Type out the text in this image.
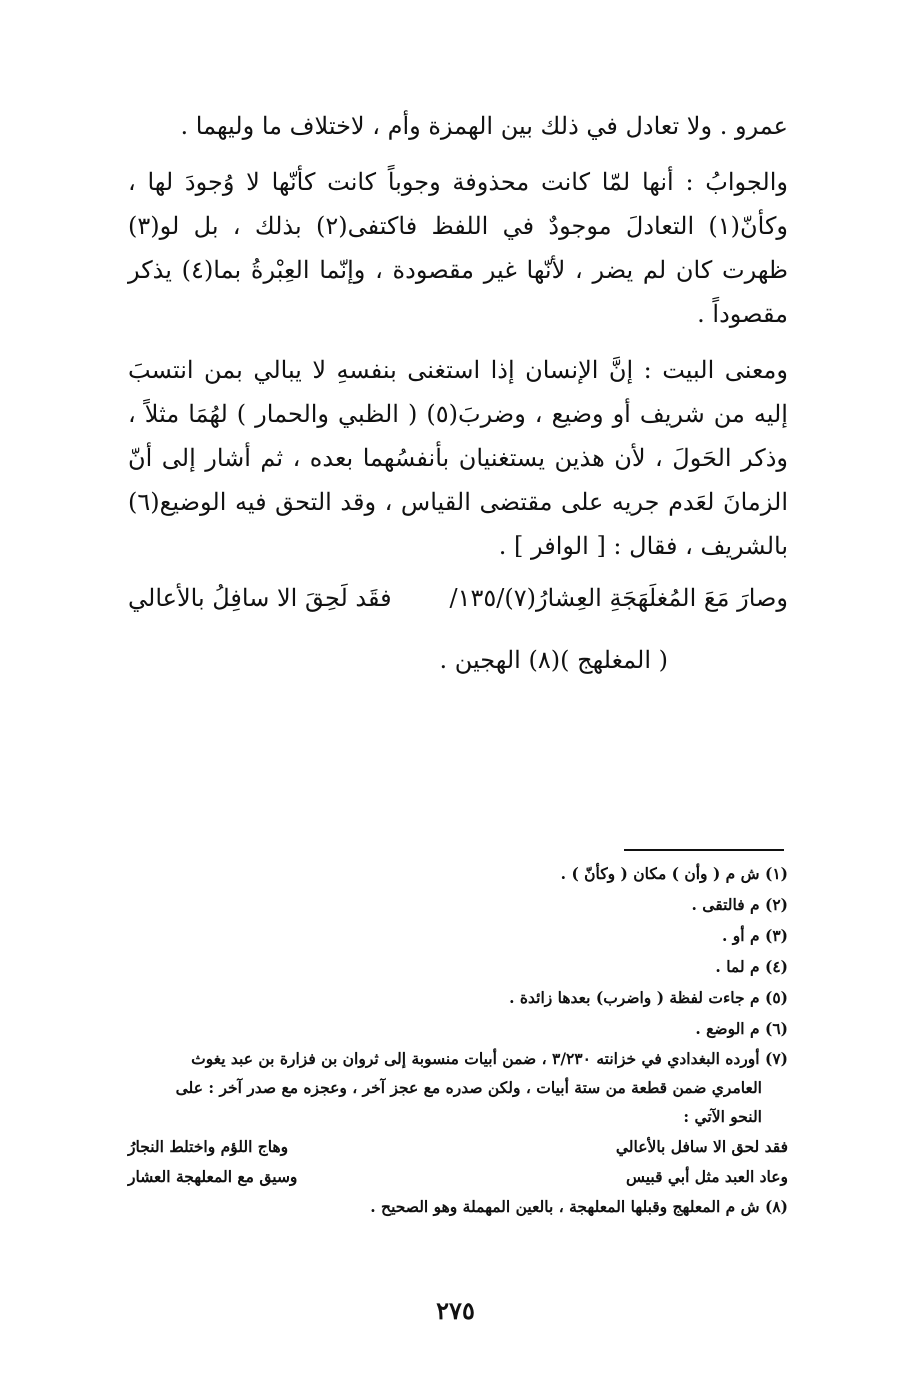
عمرو . ولا تعادل في ذلك بين الهمزة وأم ، لاختلاف ما وليهما .

والجوابُ : أنها لمّا كانت محذوفة وجوباً كانت كأنّها لا وُجودَ لها ، وكأنّ(١) التعادلَ موجودٌ في اللفظ فاكتفى(٢) بذلك ، بل لو(٣) ظهرت كان لم يضر ، لأنّها غير مقصودة ، وإنّما العِبْرةُ بما(٤) يذكر مقصوداً .

ومعنى البيت : إنَّ الإنسان إذا استغنى بنفسهِ لا يبالي بمن انتسبَ إليه من شريف أو وضيع ، وضربَ(٥) ( الظبي والحمار ) لهُمَا مثلاً ، وذكر الحَولَ ، لأن هذين يستغنيان بأنفسُهما بعده ، ثم أشار إلى أنّ الزمانَ لعَدم جريه على مقتضى القياس ، وقد التحق فيه الوضيع(٦) بالشريف ، فقال : [ الوافر ] .

وصارَ مَعَ المُغلَهَجَةِ العِشارُ(٧)/١٣٥/
فقَد لَحِقَ الا سافِلُ بالأعالي

( المغلهج )(٨) الهجين .

(١) ش م ( وأن ) مكان ( وكأنّ ) .

(٢) م فالتقى .

(٣) م أو .

(٤) م لما .

(٥) م جاءت لفظة ( واضرب) بعدها زائدة .

(٦) م الوضع .

(٧) أورده البغدادي في خزانته ٣/٢٣٠ ، ضمن أبيات منسوبة إلى ثروان بن فزارة بن عبد يغوث

العامري ضمن قطعة من ستة أبيات ، ولكن صدره مع عجز آخر ، وعجزه مع صدر آخر : على

النحو الآتي :

فقد لحق الا سافل بالأعالي
وهاج اللؤم واختلط النجارُ
وعاد العبد مثل أبي قبيس
وسيق مع المعلهجة العشار

(٨) ش م المعلهج وقبلها المعلهجة ، بالعين المهملة وهو الصحيح .

٢٧٥
